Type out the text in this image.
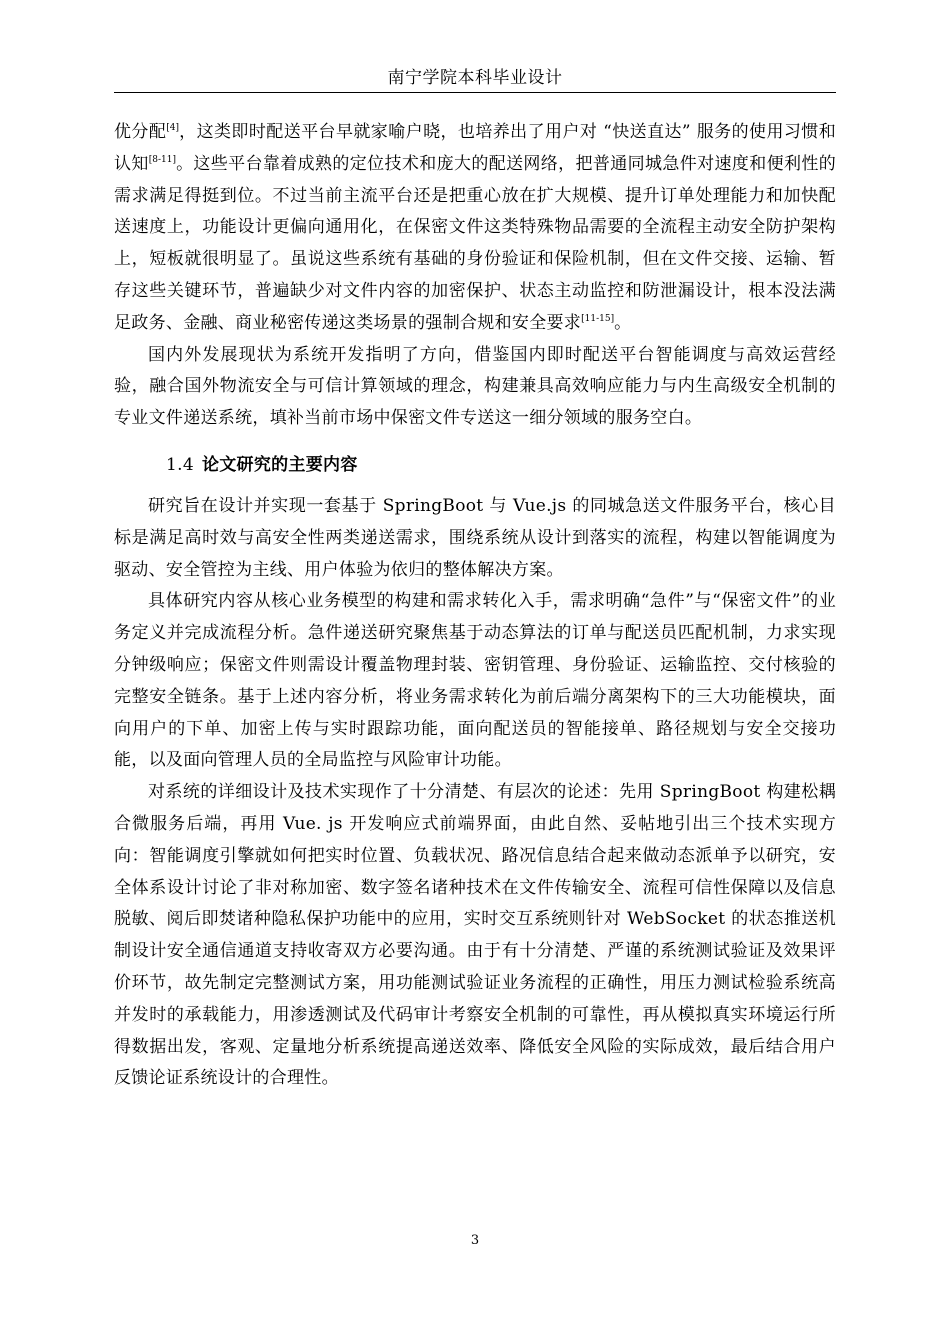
南宁学院本科毕业设计

优分配[4]，这类即时配送平台早就家喻户晓，也培养出了用户对 “快送直达” 服务的使用习惯和认知[8-11]。这些平台靠着成熟的定位技术和庞大的配送网络，把普通同城急件对速度和便利性的需求满足得挺到位。不过当前主流平台还是把重心放在扩大规模、提升订单处理能力和加快配送速度上，功能设计更偏向通用化，在保密文件这类特殊物品需要的全流程主动安全防护架构上，短板就很明显了。虽说这些系统有基础的身份验证和保险机制，但在文件交接、运输、暂存这些关键环节，普遍缺少对文件内容的加密保护、状态主动监控和防泄漏设计，根本没法满足政务、金融、商业秘密传递这类场景的强制合规和安全要求[11-15]。

国内外发展现状为系统开发指明了方向，借鉴国内即时配送平台智能调度与高效运营经验，融合国外物流安全与可信计算领域的理念，构建兼具高效响应能力与内生高级安全机制的专业文件递送系统，填补当前市场中保密文件专送这一细分领域的服务空白。

1.4 论文研究的主要内容

研究旨在设计并实现一套基于 SpringBoot 与 Vue.js 的同城急送文件服务平台，核心目标是满足高时效与高安全性两类递送需求，围绕系统从设计到落实的流程，构建以智能调度为驱动、安全管控为主线、用户体验为依归的整体解决方案。

具体研究内容从核心业务模型的构建和需求转化入手，需求明确“急件”与“保密文件”的业务定义并完成流程分析。急件递送研究聚焦基于动态算法的订单与配送员匹配机制，力求实现分钟级响应；保密文件则需设计覆盖物理封装、密钥管理、身份验证、运输监控、交付核验的完整安全链条。基于上述内容分析，将业务需求转化为前后端分离架构下的三大功能模块，面向用户的下单、加密上传与实时跟踪功能，面向配送员的智能接单、路径规划与安全交接功能，以及面向管理人员的全局监控与风险审计功能。

对系统的详细设计及技术实现作了十分清楚、有层次的论述：先用 SpringBoot 构建松耦合微服务后端，再用 Vue. js 开发响应式前端界面，由此自然、妥帖地引出三个技术实现方向：智能调度引擎就如何把实时位置、负载状况、路况信息结合起来做动态派单予以研究，安全体系设计讨论了非对称加密、数字签名诸种技术在文件传输安全、流程可信性保障以及信息脱敏、阅后即焚诸种隐私保护功能中的应用，实时交互系统则针对 WebSocket 的状态推送机制设计安全通信通道支持收寄双方必要沟通。由于有十分清楚、严谨的系统测试验证及效果评价环节，故先制定完整测试方案，用功能测试验证业务流程的正确性，用压力测试检验系统高并发时的承载能力，用渗透测试及代码审计考察安全机制的可靠性，再从模拟真实环境运行所得数据出发，客观、定量地分析系统提高递送效率、降低安全风险的实际成效，最后结合用户反馈论证系统设计的合理性。

3
